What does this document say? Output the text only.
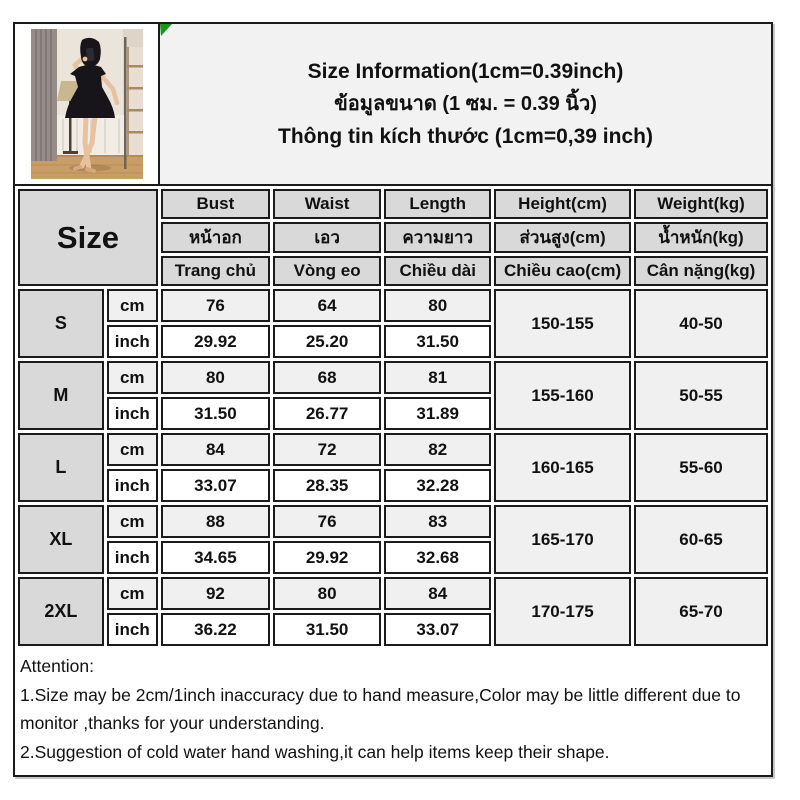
Size Information(1cm=0.39inch)
ข้อมูลขนาด (1 ซม. = 0.39 นิ้ว)
Thông tin kích thước (1cm=0,39 inch)
Size		Bust	Waist	Length	Height(cm)	Weight(kg)
		หน้าอก	เอว	ความยาว	ส่วนสูง(cm)	น้ำหนัก(kg)
		Trang chủ	Vòng eo	Chiều dài	Chiều cao(cm)	Cân nặng(kg)
S	cm	76	64	80	150-155	40-50
	inch	29.92	25.20	31.50		
M	cm	80	68	81	155-160	50-55
	inch	31.50	26.77	31.89		
L	cm	84	72	82	160-165	55-60
	inch	33.07	28.35	32.28		
XL	cm	88	76	83	165-170	60-65
	inch	34.65	29.92	32.68		
2XL	cm	92	80	84	170-175	65-70
	inch	36.22	31.50	33.07		
Attention:
1.Size may be 2cm/1inch inaccuracy due to hand measure,Color may be little different due to monitor ,thanks for your understanding.
2.Suggestion of cold water hand washing,it can help items keep their shape.
